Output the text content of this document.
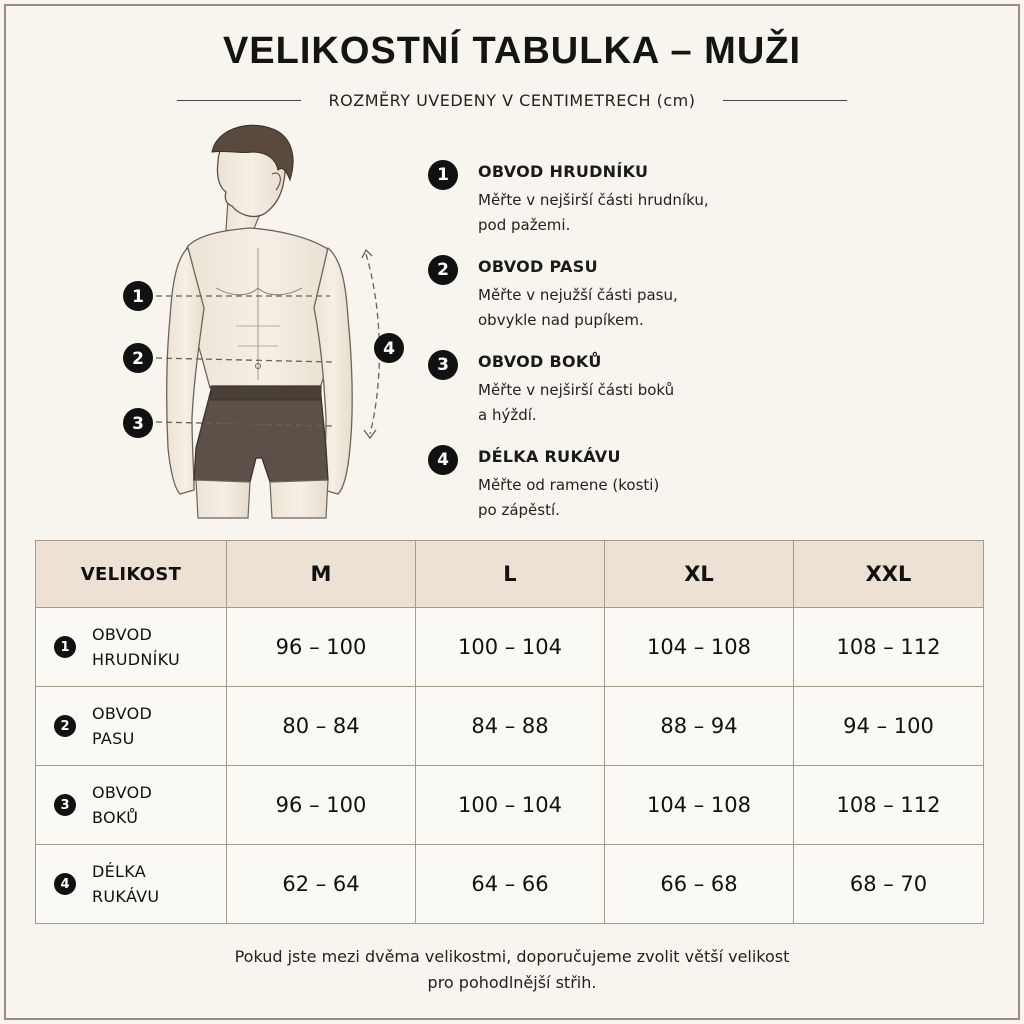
VELIKOSTNÍ TABULKA – MUŽI
ROZMĚRY UVEDENY V CENTIMETRECH (cm)
1
2
3
4
1	OBVOD HRUDNÍKU
Měřte v nejširší části hrudníku,
pod pažemi.
2	OBVOD PASU
Měřte v nejužší části pasu,
obvykle nad pupíkem.
3	OBVOD BOKŮ
Měřte v nejširší části boků
a hýždí.
4	DÉLKA RUKÁVU
Měřte od ramene (kosti)
po zápěstí.
VELIKOST	M	L	XL	XXL

1
OBVOD
HRUDNÍKU	96 – 100	100 – 104	104 – 108	108 – 112

2
OBVOD
PASU	80 – 84	84 – 88	88 – 94	94 – 100

3
OBVOD
BOKŮ	96 – 100	100 – 104	104 – 108	108 – 112

4
DÉLKA
RUKÁVU	62 – 64	64 – 66	66 – 68	68 – 70
Pokud jste mezi dvěma velikostmi, doporučujeme zvolit větší velikost
pro pohodlnější střih.
